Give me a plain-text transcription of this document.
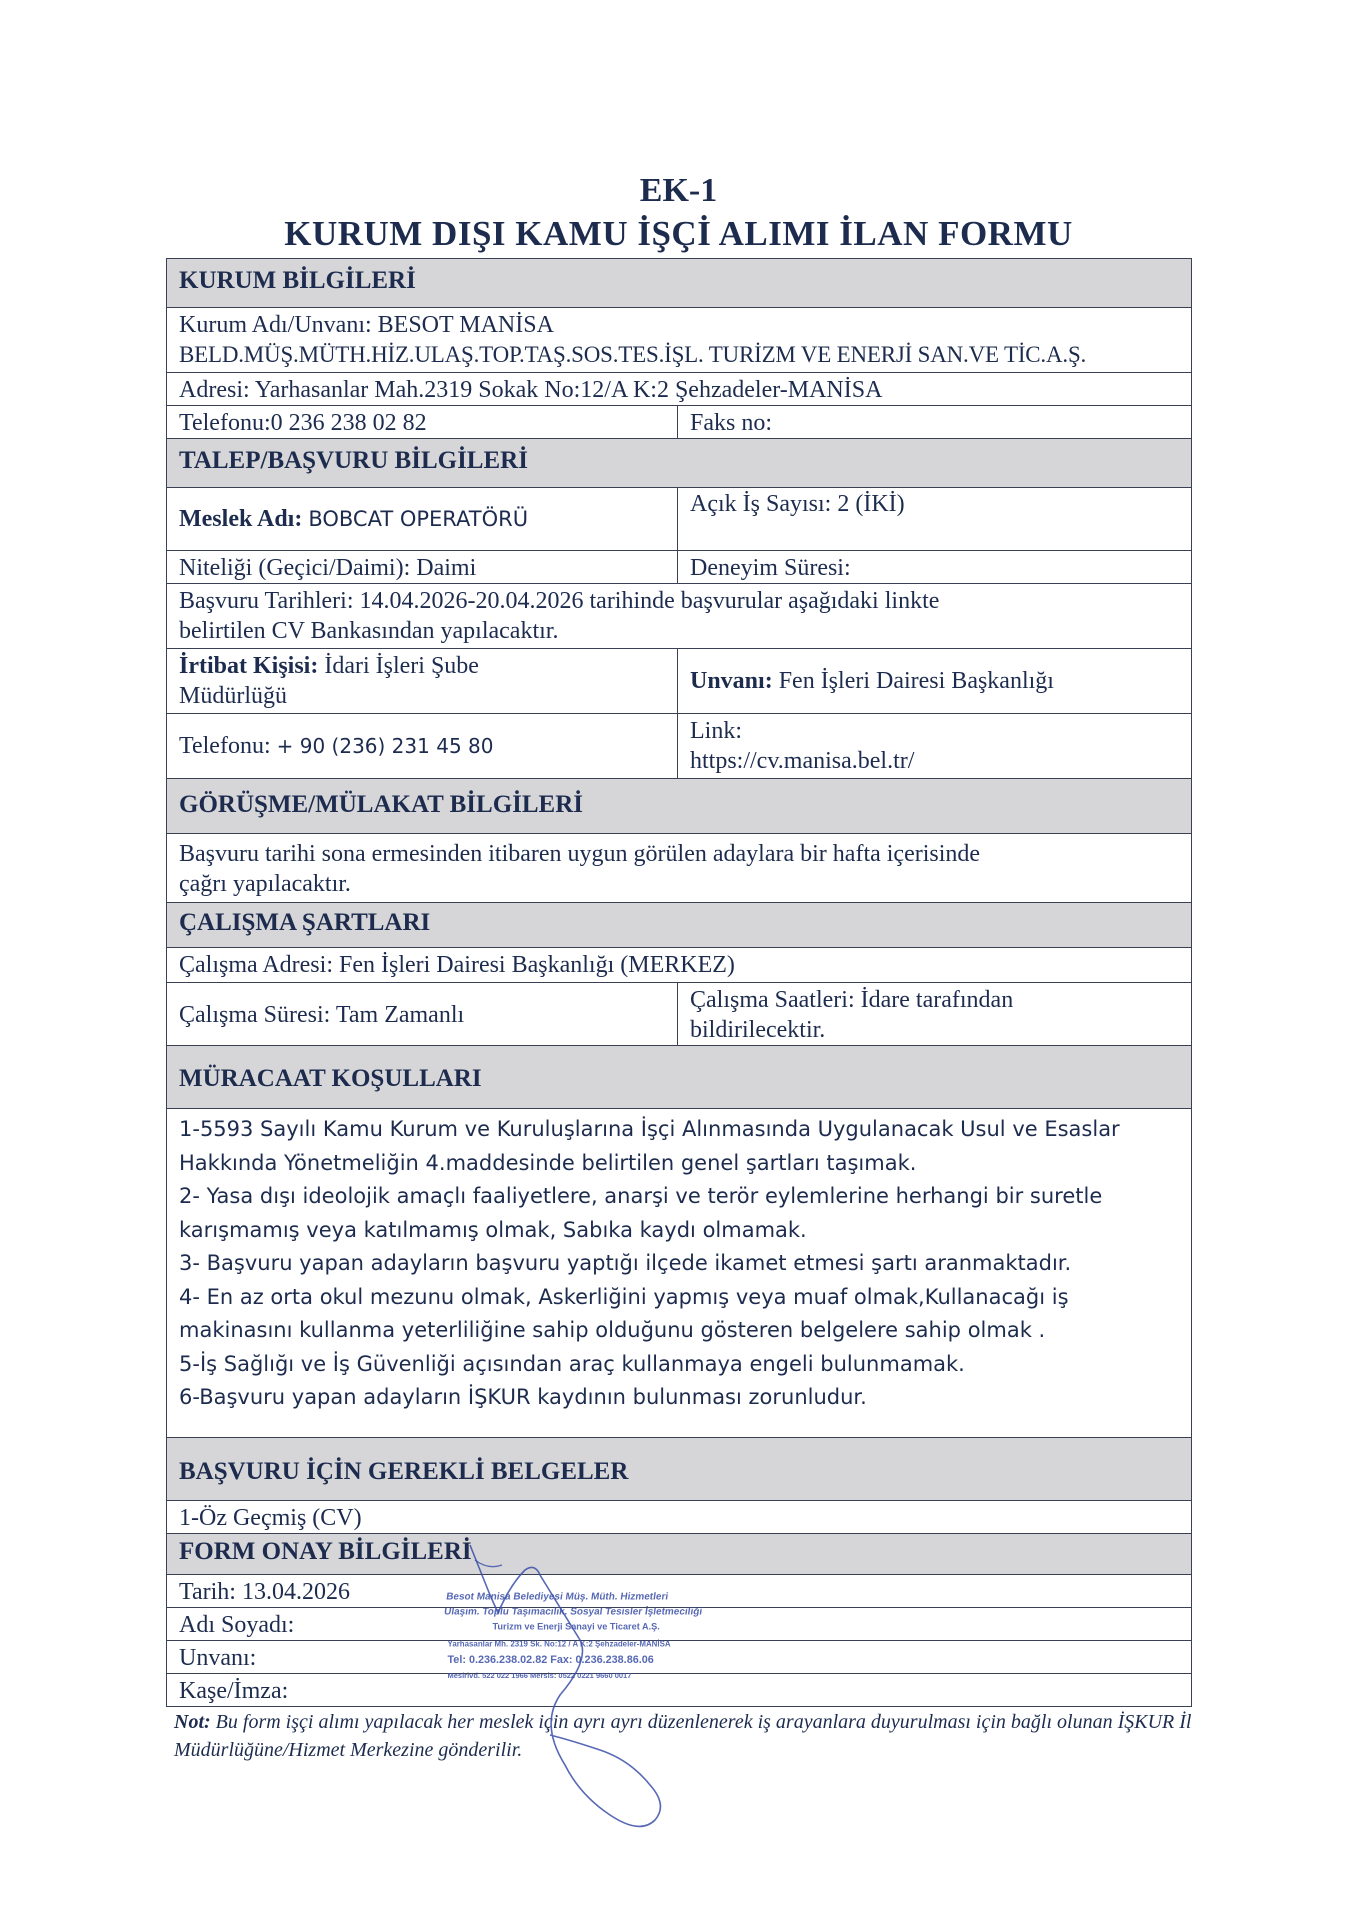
EK-1
KURUM DIŞI KAMU İŞÇİ ALIMI İLAN FORMU
KURUM BİLGİLERİ
Kurum Adı/Unvanı: BESOT MANİSA
BELD.MÜŞ.MÜTH.HİZ.ULAŞ.TOP.TAŞ.SOS.TES.İŞL. TURİZM VE ENERJİ SAN.VE TİC.A.Ş.
Adresi: Yarhasanlar Mah.2319 Sokak No:12/A K:2 Şehzadeler-MANİSA
Telefonu:0 236 238 02 82	Faks no:
TALEP/BAŞVURU BİLGİLERİ
Meslek Adı: BOBCAT OPERATÖRÜ
Açık İş Sayısı: 2 (İKİ)
Niteliği (Geçici/Daimi): Daimi	Deneyim Süresi:
Başvuru Tarihleri: 14.04.2026-20.04.2026 tarihinde başvurular aşağıdaki linkte
belirtilen CV Bankasından yapılacaktır.
İrtibat Kişisi: İdari İşleri Şube
Müdürlüğü
Unvanı: Fen İşleri Dairesi Başkanlığı
Telefonu: + 90 (236) 231 45 80
Link:
https://cv.manisa.bel.tr/
GÖRÜŞME/MÜLAKAT BİLGİLERİ
Başvuru tarihi sona ermesinden itibaren uygun görülen adaylara bir hafta içerisinde
çağrı yapılacaktır.
ÇALIŞMA ŞARTLARI
Çalışma Adresi: Fen İşleri Dairesi Başkanlığı (MERKEZ)
Çalışma Süresi: Tam Zamanlı
Çalışma Saatleri: İdare tarafından
bildirilecektir.
MÜRACAAT KOŞULLARI
1-5593 Sayılı Kamu Kurum ve Kuruluşlarına İşçi Alınmasında Uygulanacak Usul ve Esaslar
Hakkında Yönetmeliğin 4.maddesinde belirtilen genel şartları taşımak.
2- Yasa dışı ideolojik amaçlı faaliyetlere, anarşi ve terör eylemlerine herhangi bir suretle
karışmamış veya katılmamış olmak, Sabıka kaydı olmamak.
3- Başvuru yapan adayların başvuru yaptığı ilçede ikamet etmesi şartı aranmaktadır.
4- En az orta okul mezunu olmak, Askerliğini yapmış veya muaf olmak,Kullanacağı iş
makinasını kullanma yeterliliğine sahip olduğunu gösteren belgelere sahip olmak .
5-İş Sağlığı ve İş Güvenliği açısından araç kullanmaya engeli bulunmamak.
6-Başvuru yapan adayların İŞKUR kaydının bulunması zorunludur.
BAŞVURU İÇİN GEREKLİ BELGELER
1-Öz Geçmiş (CV)
FORM ONAY BİLGİLERİ
Tarih: 13.04.2026
Adı Soyadı:
Unvanı:
Kaşe/İmza:
Not: Bu form işçi alımı yapılacak her meslek için ayrı ayrı düzenlenerek iş arayanlara duyurulması için bağlı olunan İŞKUR İl Müdürlüğüne/Hizmet Merkezine gönderilir.
Besot Manisa Belediyesi Müş. Müth. Hizmetleri
Ulaşım. Toplu Taşımacılık. Sosyal Tesisler İşletmeciliği
Turizm ve Enerji Sanayi ve Ticaret A.Ş.
Yarhasanlar Mh. 2319 Sk. No:12 / A K:2 Şehzadeler-MANİSA
Tel: 0.236.238.02.82 Fax: 0.236.238.86.06
Mesirivd. 522 022 1966 Mersis: 0522 0221 9660 0017
